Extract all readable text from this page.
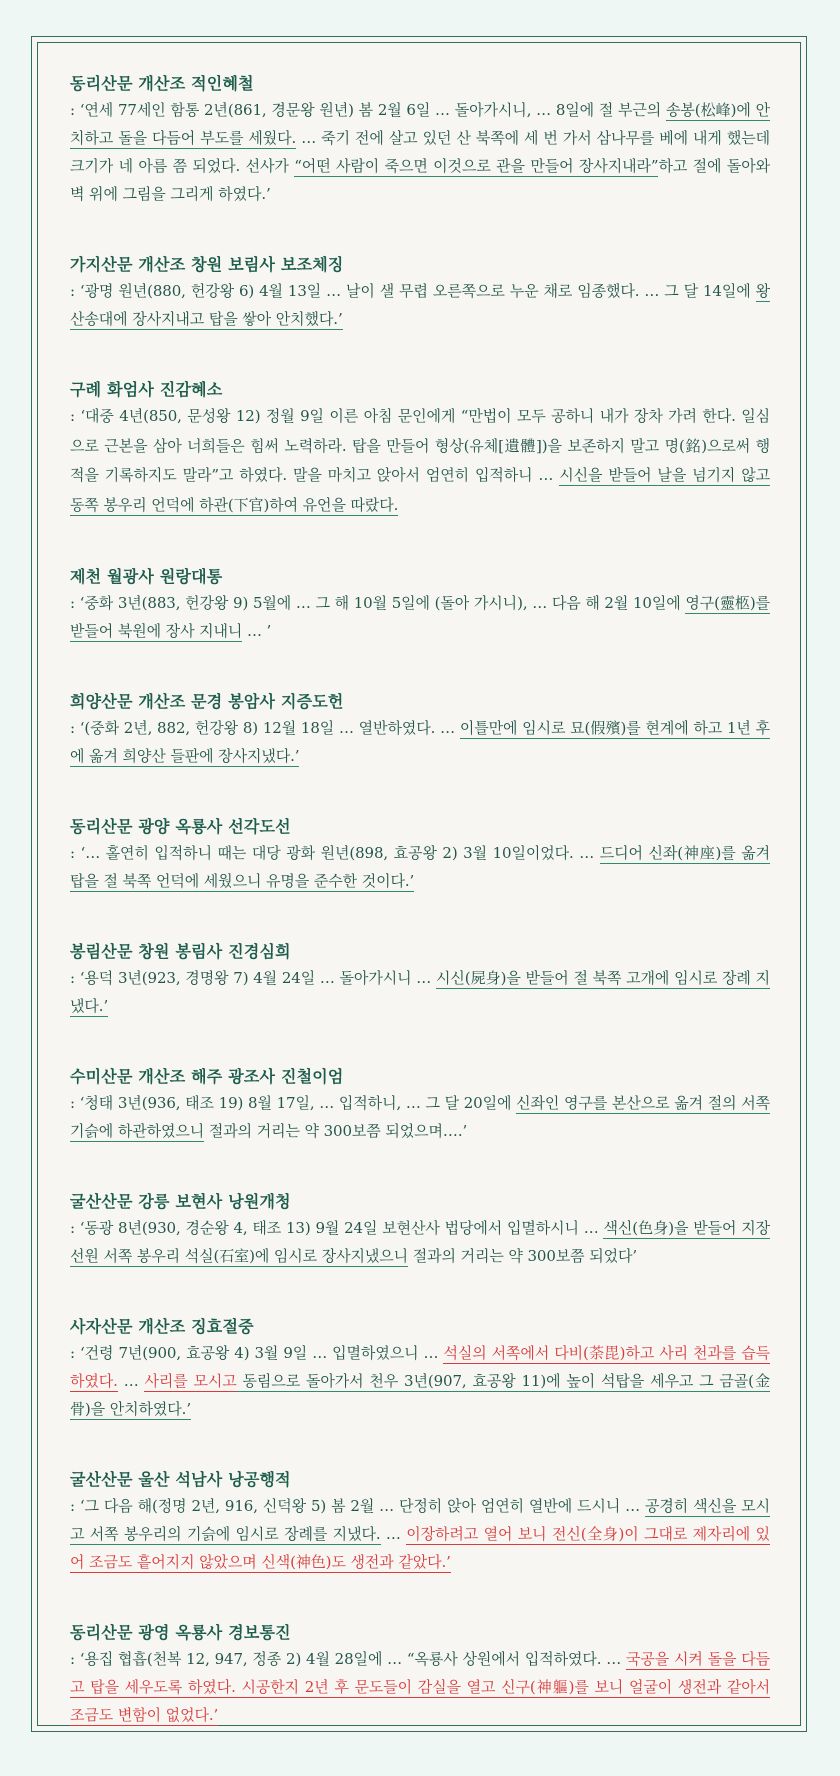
동리산문 개산조 적인혜철

: ‘연세 77세인 함통 2년(861, 경문왕 원년) 봄 2월 6일 … 돌아가시니, … 8일에 절 부근의 송봉(松峰)에 안치하고 돌을 다듬어 부도를 세웠다. … 죽기 전에 살고 있던 산 북쪽에 세 번 가서 삼나무를 베에 내게 했는데 크기가 네 아름 쯤 되었다. 선사가 “어떤 사람이 죽으면 이것으로 관을 만들어 장사지내라”하고 절에 돌아와 벽 위에 그림을 그리게 하였다.’

가지산문 개산조 창원 보림사 보조체징

: ‘광명 원년(880, 헌강왕 6) 4월 13일 … 날이 샐 무렵 오른쪽으로 누운 채로 임종했다. … 그 달 14일에 왕산송대에 장사지내고 탑을 쌓아 안치했다.’

구례 화엄사 진감혜소

: ‘대중 4년(850, 문성왕 12) 정월 9일 이른 아침 문인에게 “만법이 모두 공하니 내가 장차 가려 한다. 일심으로 근본을 삼아 너희들은 힘써 노력하라. 탑을 만들어 형상(유체[遺體])을 보존하지 말고 명(銘)으로써 행적을 기록하지도 말라”고 하였다. 말을 마치고 앉아서 엄연히 입적하니 … 시신을 받들어 날을 넘기지 않고 동쪽 봉우리 언덕에 하관(下官)하여 유언을 따랐다.

제천 월광사 원랑대통

: ‘중화 3년(883, 헌강왕 9) 5월에 … 그 해 10월 5일에 (돌아 가시니), … 다음 해 2월 10일에 영구(靈柩)를 받들어 북원에 장사 지내니 … ’

희양산문 개산조 문경 봉암사 지증도헌

: ‘(중화 2년, 882, 헌강왕 8) 12월 18일 … 열반하였다. … 이틀만에 임시로 묘(假殯)를 현계에 하고 1년 후에 옮겨 희양산 들판에 장사지냈다.’

동리산문 광양 옥룡사 선각도선

: ‘… 홀연히 입적하니 때는 대당 광화 원년(898, 효공왕 2) 3월 10일이었다. … 드디어 신좌(神座)를 옮겨 탑을 절 북쪽 언덕에 세웠으니 유명을 준수한 것이다.’

봉림산문 창원 봉림사 진경심희

: ‘용덕 3년(923, 경명왕 7) 4월 24일 … 돌아가시니 … 시신(屍身)을 받들어 절 북쪽 고개에 임시로 장례 지냈다.’

수미산문 개산조 해주 광조사 진철이엄

: ‘청태 3년(936, 태조 19) 8월 17일, … 입적하니, … 그 달 20일에 신좌인 영구를 본산으로 옮겨 절의 서쪽 기슭에 하관하였으니 절과의 거리는 약 300보쯤 되었으며….’

굴산산문 강릉 보현사 낭원개청

: ‘동광 8년(930, 경순왕 4, 태조 13) 9월 24일 보현산사 법당에서 입멸하시니 … 색신(色身)을 받들어 지장선원 서쪽 봉우리 석실(石室)에 임시로 장사지냈으니 절과의 거리는 약 300보쯤 되었다’

사자산문 개산조 징효절중

: ‘건령 7년(900, 효공왕 4) 3월 9일 … 입멸하였으니 … 석실의 서쪽에서 다비(荼毘)하고 사리 천과를 습득하였다. … 사리를 모시고 동림으로 돌아가서 천우 3년(907, 효공왕 11)에 높이 석탑을 세우고 그 금골(金骨)을 안치하였다.’

굴산산문 울산 석남사 낭공행적

: ‘그 다음 해(정명 2년, 916, 신덕왕 5) 봄 2월 … 단정히 앉아 엄연히 열반에 드시니 … 공경히 색신을 모시고 서쪽 봉우리의 기슭에 임시로 장례를 지냈다. … 이장하려고 열어 보니 전신(全身)이 그대로 제자리에 있어 조금도 흩어지지 않았으며 신색(神色)도 생전과 같았다.’

동리산문 광영 옥룡사 경보통진

: ‘용집 협흡(천복 12, 947, 정종 2) 4월 28일에 … “옥룡사 상원에서 입적하였다. … 국공을 시켜 돌을 다듬고 탑을 세우도록 하였다. 시공한지 2년 후 문도들이 감실을 열고 신구(神軀)를 보니 얼굴이 생전과 같아서 조금도 변함이 없었다.’
